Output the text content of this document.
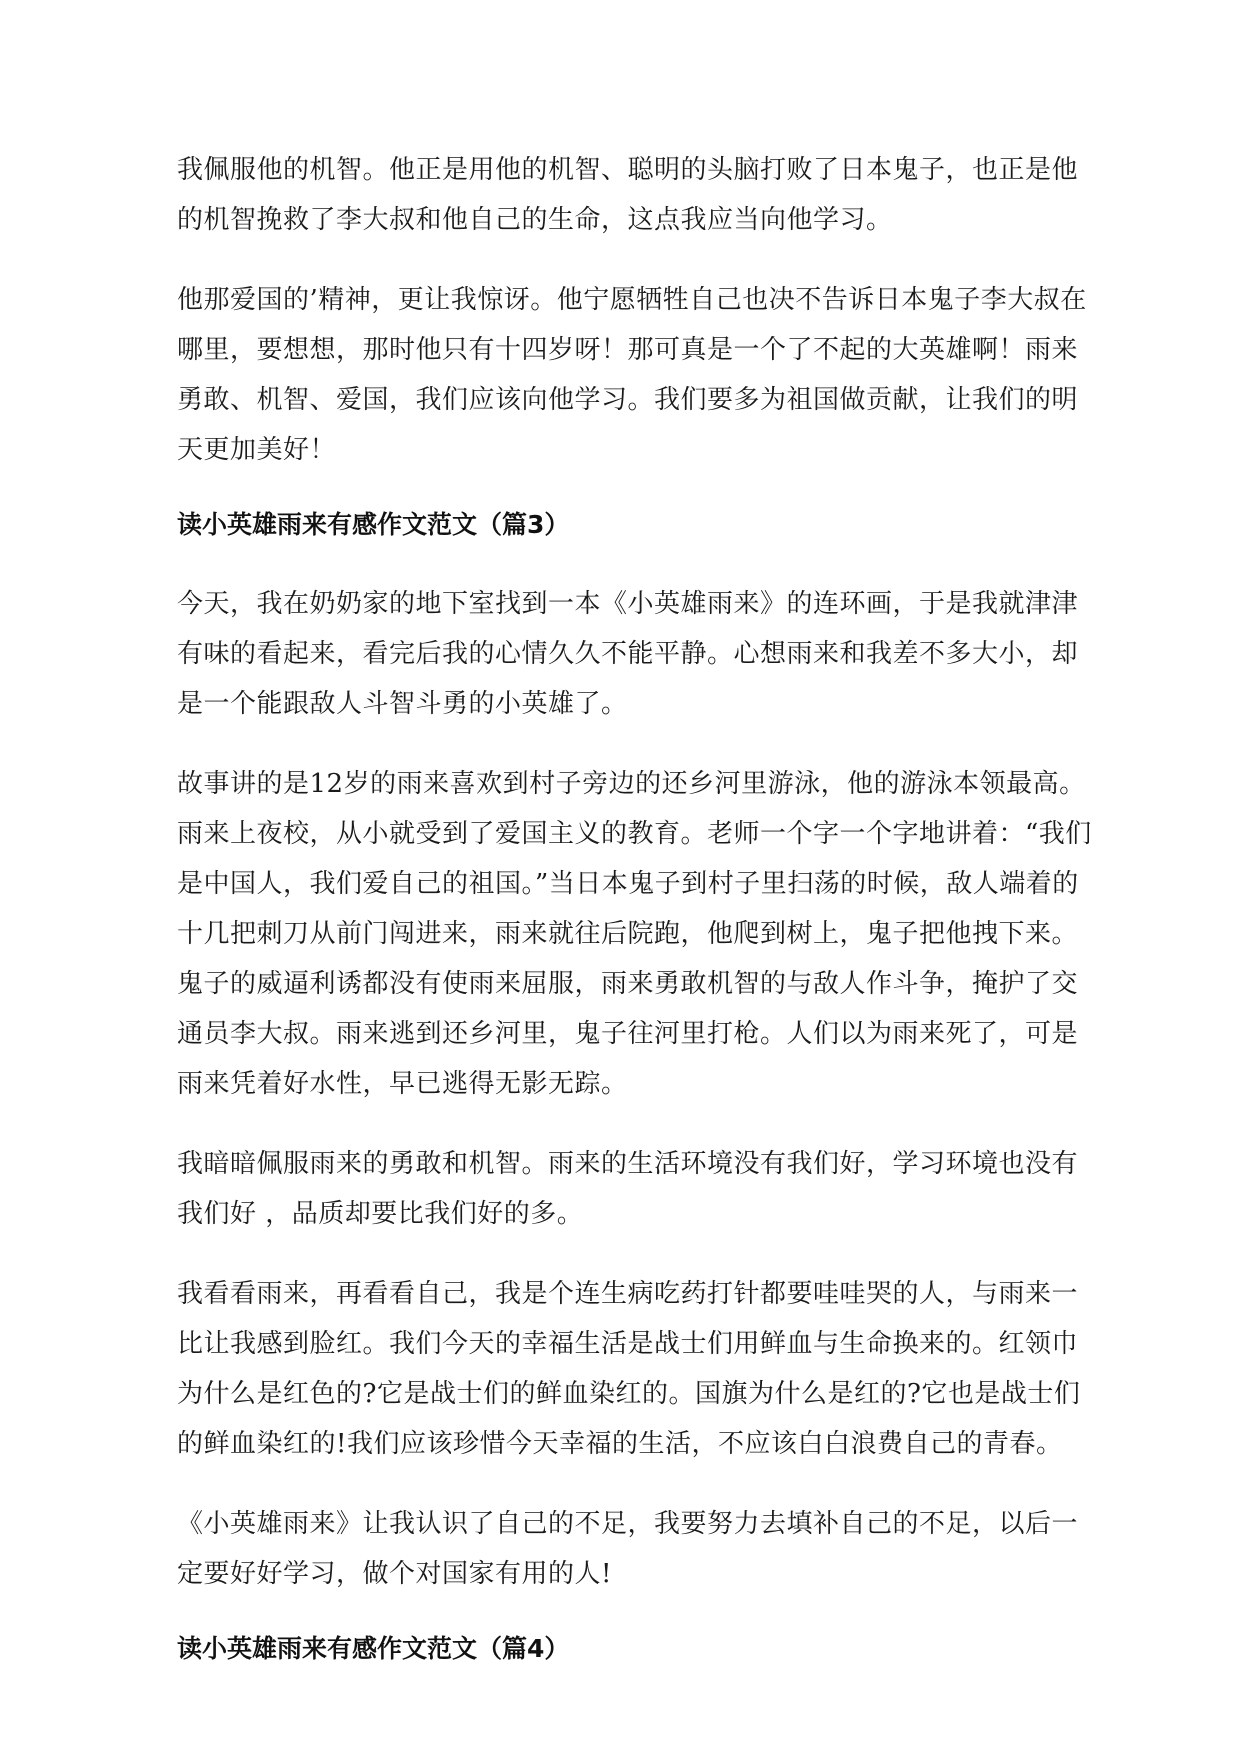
我佩服他的机智。他正是用他的机智、聪明的头脑打败了日本鬼子，也正是他的机智挽救了李大叔和他自己的生命，这点我应当向他学习。

他那爱国的’精神，更让我惊讶。他宁愿牺牲自己也决不告诉日本鬼子李大叔在哪里，要想想，那时他只有十四岁呀！那可真是一个了不起的大英雄啊！雨来勇敢、机智、爱国，我们应该向他学习。我们要多为祖国做贡献，让我们的明天更加美好！

读小英雄雨来有感作文范文（篇3）

今天，我在奶奶家的地下室找到一本《小英雄雨来》的连环画，于是我就津津有味的看起来，看完后我的心情久久不能平静。心想雨来和我差不多大小，却是一个能跟敌人斗智斗勇的小英雄了。

故事讲的是12岁的雨来喜欢到村子旁边的还乡河里游泳，他的游泳本领最高。雨来上夜校，从小就受到了爱国主义的教育。老师一个字一个字地讲着：“我们是中国人，我们爱自己的祖国。”当日本鬼子到村子里扫荡的时候，敌人端着的十几把刺刀从前门闯进来，雨来就往后院跑，他爬到树上，鬼子把他拽下来。鬼子的威逼利诱都没有使雨来屈服，雨来勇敢机智的与敌人作斗争，掩护了交通员李大叔。雨来逃到还乡河里，鬼子往河里打枪。人们以为雨来死了，可是雨来凭着好水性，早已逃得无影无踪。

我暗暗佩服雨来的勇敢和机智。雨来的生活环境没有我们好，学习环境也没有我们好 ，品质却要比我们好的多。

我看看雨来，再看看自己，我是个连生病吃药打针都要哇哇哭的人，与雨来一比让我感到脸红。我们今天的幸福生活是战士们用鲜血与生命换来的。红领巾为什么是红色的?它是战士们的鲜血染红的。国旗为什么是红的?它也是战士们的鲜血染红的!我们应该珍惜今天幸福的生活，不应该白白浪费自己的青春。

《小英雄雨来》让我认识了自己的不足，我要努力去填补自己的不足，以后一定要好好学习，做个对国家有用的人!

读小英雄雨来有感作文范文（篇4）
